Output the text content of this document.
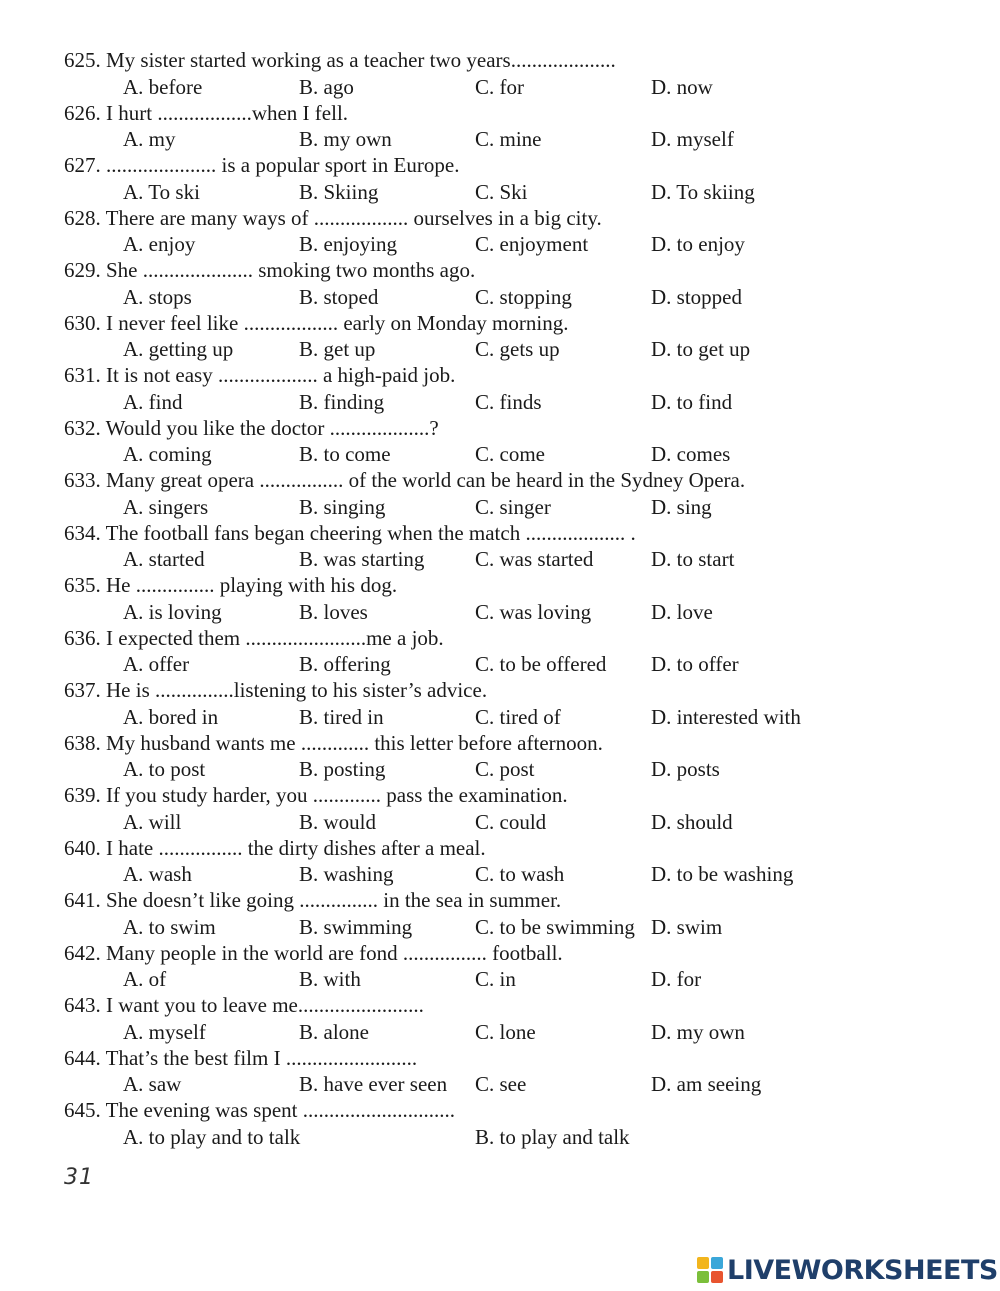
625. My sister started working as a teacher two years....................
A. before	B. ago	C. for	D. now
626. I hurt ..................when I fell.
A. my	B. my own	C. mine	D. myself
627. ..................... is a popular sport in Europe.
A. To ski	B. Skiing	C. Ski	D. To skiing
628. There are many ways of .................. ourselves in a big city.
A. enjoy	B. enjoying	C. enjoyment	D. to enjoy
629. She ..................... smoking two months ago.
A. stops	B. stoped	C. stopping	D. stopped
630. I never feel like .................. early on Monday morning.
A. getting up	B. get up	C. gets up	D. to get up
631. It is not easy ................... a high-paid job.
A. find	B. finding	C. finds	D. to find
632. Would you like the doctor ...................?
A. coming	B. to come	C. come	D. comes
633. Many great opera ................ of the world can be heard in the Sydney Opera.
A. singers	B. singing	C. singer	D. sing
634. The football fans began cheering when the match ................... .
A. started	B. was starting C. was started	D. to start
635. He ............... playing with his dog.
A. is loving	B. loves	C. was loving	D. love
636. I expected them .......................me a job.
A. offer	B. offering	C. to be offered D. to offer
637. He is ...............listening to his sister’s advice.
A. bored in	B. tired in	C. tired of	D. interested with
638. My husband wants me ............. this letter before afternoon.
A. to post	B. posting	C. post	D. posts
639. If you study harder, you ............. pass the examination.
A. will	B. would	C. could	D. should
640. I hate ................ the dirty dishes after a meal.
A. wash	B. washing	C. to wash	D. to be washing
641. She doesn’t like going ............... in the sea in summer.
A. to swim	B. swimming	C. to be swimming D. swim
642. Many people in the world are fond ................ football.
A. of	B. with	C. in	D. for
643. I want you to leave me........................
A. myself	B. alone	C. lone	D. my own
644. That’s the best film I .........................
A. saw	B. have ever seen C. see	D. am seeing
645. The evening was spent .............................
A. to play and to talk	B. to play and talk
31
LIVEWORKSHEETS
